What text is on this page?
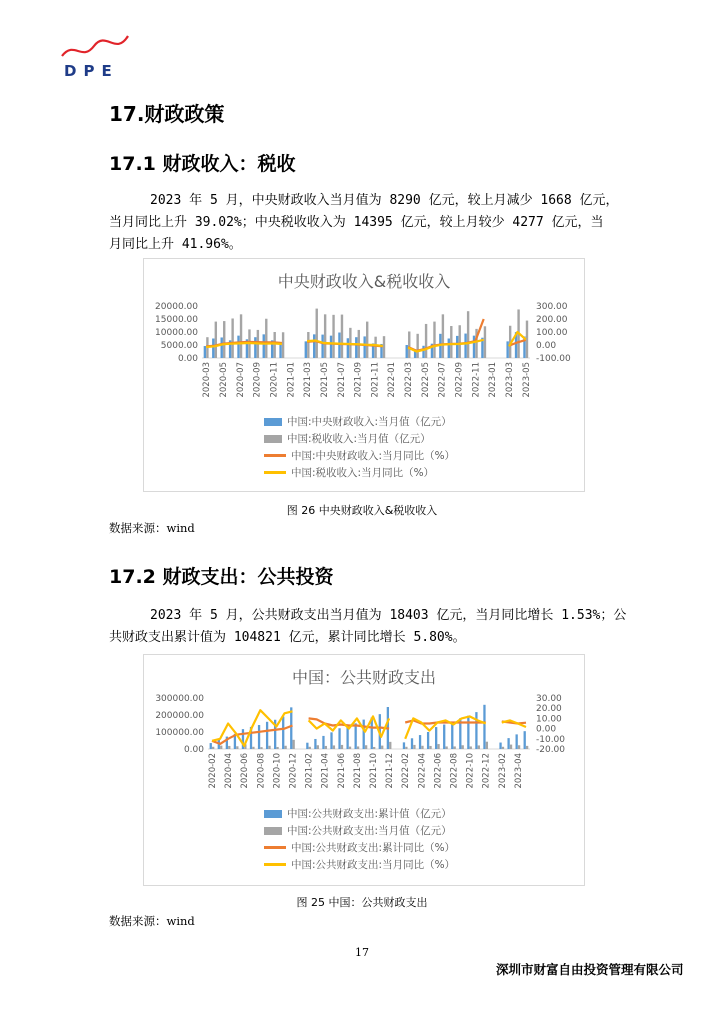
DPE
17.财政政策
17.1 财政收入：税收
2023 年 5 月，中央财政收入当月值为 8290 亿元，较上月减少 1668 亿元，
当月同比上升 39.02%；中央税收收入为 14395 亿元，较上月较少 4277 亿元，当
月同比上升 41.96%。
中央财政收入&税收收入
0.00
5000.00
10000.00
15000.00
20000.00
-100.00
0.00
100.00
200.00
300.00
2020-03 2020-05 2020-07 2020-09 2020-11 2021-01 2021-03 2021-05 2021-07 2021-09 2021-11 2022-01 2022-03 2022-05 2022-07 2022-09 2022-11 2023-01 2023-03 2023-05
中国:中央财政收入:当月值（亿元）
中国:税收收入:当月值（亿元）
中国:中央财政收入:当月同比（%）
中国:税收收入:当月同比（%）
图 26 中央财政收入&税收收入
数据来源：wind
17.2 财政支出：公共投资
2023 年 5 月，公共财政支出当月值为 18403 亿元，当月同比增长 1.53%；公
共财政支出累计值为 104821 亿元，累计同比增长 5.80%。
中国：公共财政支出
0.00
100000.00
200000.00
300000.00
-20.00
-10.00
0.00
10.00
20.00
30.00
2020-02 2020-04 2020-06 2020-08 2020-10 2020-12 2021-02 2021-04 2021-06 2021-08 2021-10 2021-12 2022-02 2022-04 2022-06 2022-08 2022-10 2022-12 2023-02 2023-04
中国:公共财政支出:累计值（亿元）
中国:公共财政支出:当月值（亿元）
中国:公共财政支出:累计同比（%）
中国:公共财政支出:当月同比（%）
图 25 中国：公共财政支出
数据来源：wind
17
深圳市财富自由投资管理有限公司
